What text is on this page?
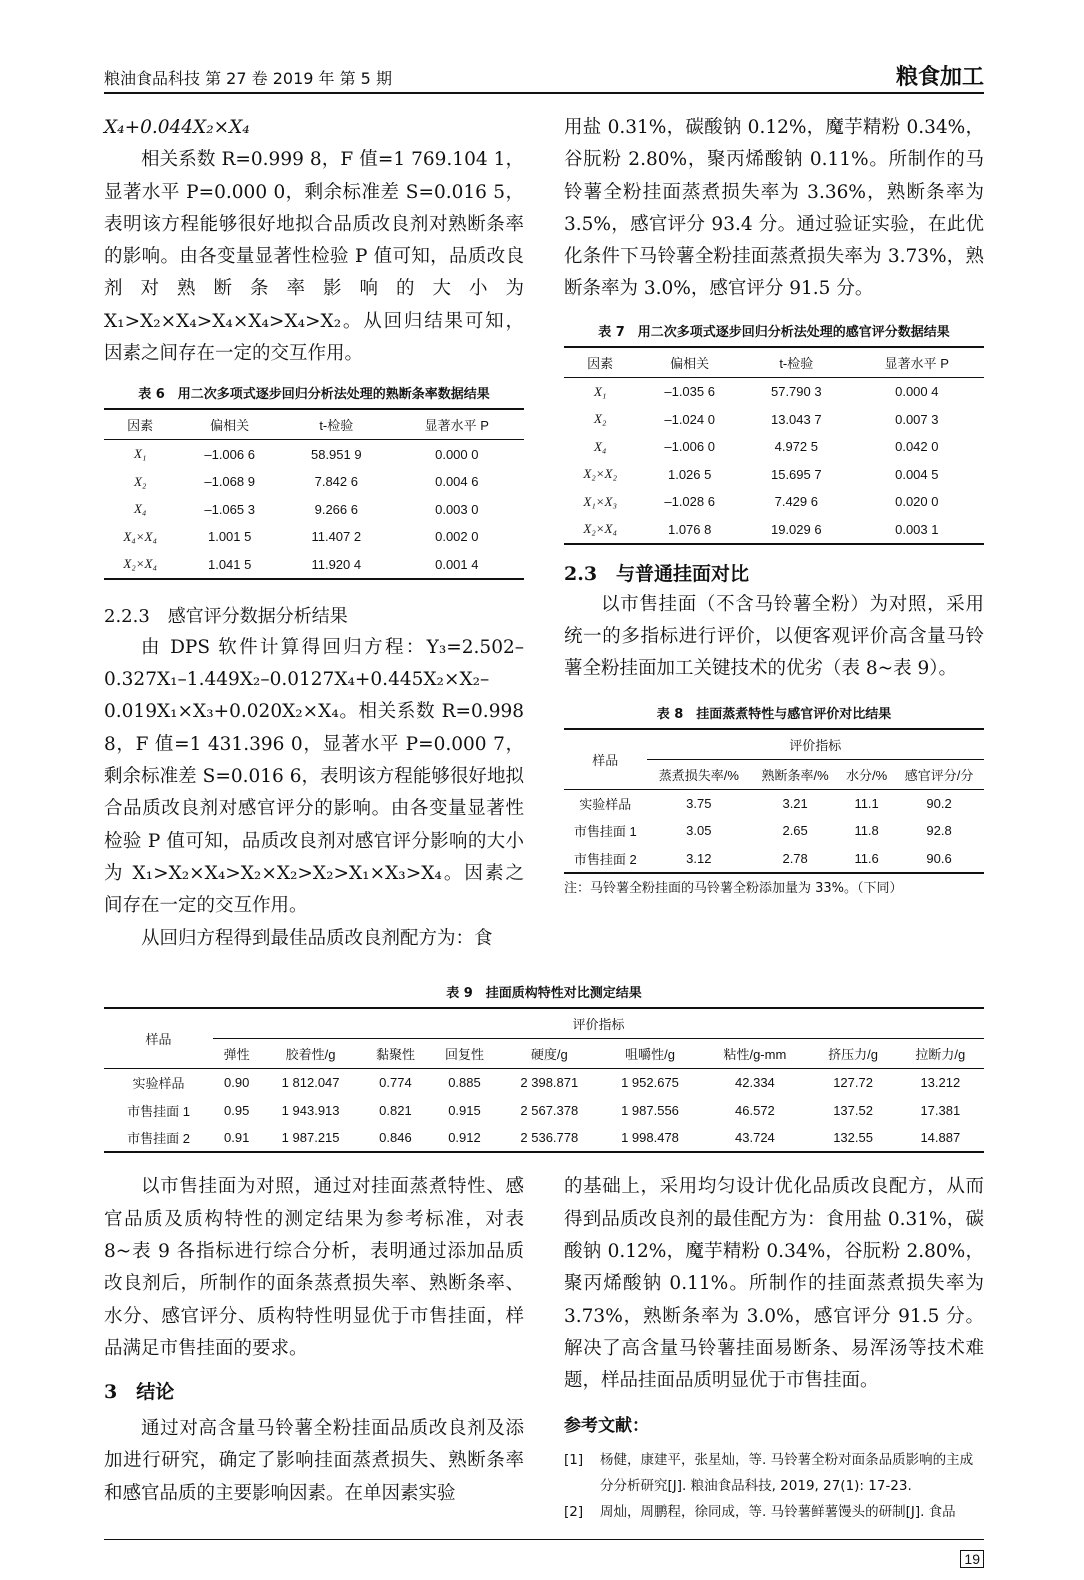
粮油食品科技 第 27 卷 2019 年 第 5 期	粮食加工
X₄+0.044X₂×X₄
相关系数 R=0.999 8，F 值=1 769.104 1，显著水平 P=0.000 0，剩余标准差 S=0.016 5，表明该方程能够很好地拟合品质改良剂对熟断条率的影响。由各变量显著性检验 P 值可知，品质改良剂对熟断条率影响的大小为 X₁>X₂×X₄>X₄×X₄>X₄>X₂。从回归结果可知，因素之间存在一定的交互作用。
表 6　用二次多项式逐步回归分析法处理的熟断条率数据结果
因素	偏相关	t-检验	显著水平 P
X₁	–1.006 6	58.951 9	0.000 0
X₂	–1.068 9	7.842 6	0.004 6
X₄	–1.065 3	9.266 6	0.003 0
X₄×X₄	1.001 5	11.407 2	0.002 0
X₂×X₄	1.041 5	11.920 4	0.001 4
2.2.3　感官评分数据分析结果
由 DPS 软件计算得回归方程：Y₃=2.502–0.327X₁–1.449X₂–0.0127X₄+0.445X₂×X₂–0.019X₁×X₃+0.020X₂×X₄。相关系数 R=0.998 8，F 值=1 431.396 0，显著水平 P=0.000 7，剩余标准差 S=0.016 6，表明该方程能够很好地拟合品质改良剂对感官评分的影响。由各变量显著性检验 P 值可知，品质改良剂对感官评分影响的大小为 X₁>X₂×X₄>X₂×X₂>X₂>X₁×X₃>X₄。因素之间存在一定的交互作用。
从回归方程得到最佳品质改良剂配方为：食
用盐 0.31%，碳酸钠 0.12%，魔芋精粉 0.34%，谷朊粉 2.80%，聚丙烯酸钠 0.11%。所制作的马铃薯全粉挂面蒸煮损失率为 3.36%，熟断条率为 3.5%，感官评分 93.4 分。通过验证实验，在此优化条件下马铃薯全粉挂面蒸煮损失率为 3.73%，熟断条率为 3.0%，感官评分 91.5 分。
表 7　用二次多项式逐步回归分析法处理的感官评分数据结果
因素	偏相关	t-检验	显著水平 P
X₁	–1.035 6	57.790 3	0.000 4
X₂	–1.024 0	13.043 7	0.007 3
X₄	–1.006 0	4.972 5	0.042 0
X₂×X₂	1.026 5	15.695 7	0.004 5
X₁×X₃	–1.028 6	7.429 6	0.020 0
X₂×X₄	1.076 8	19.029 6	0.003 1
2.3　与普通挂面对比
以市售挂面（不含马铃薯全粉）为对照，采用统一的多指标进行评价，以便客观评价高含量马铃薯全粉挂面加工关键技术的优劣（表 8~表 9）。
表 8　挂面蒸煮特性与感官评价对比结果
样品	评价指标			
	蒸煮损失率/%	熟断条率/%	水分/%	感官评分/分
实验样品	3.75	3.21	11.1	90.2
市售挂面 1	3.05	2.65	11.8	92.8
市售挂面 2	3.12	2.78	11.6	90.6
注：马铃薯全粉挂面的马铃薯全粉添加量为 33%。（下同）
表 9　挂面质构特性对比测定结果
样品	评价指标								
	弹性	胶着性/g	黏聚性	回复性	硬度/g	咀嚼性/g	粘性/g-mm	挤压力/g	拉断力/g
实验样品	0.90	1 812.047	0.774	0.885	2 398.871	1 952.675	42.334	127.72	13.212
市售挂面 1	0.95	1 943.913	0.821	0.915	2 567.378	1 987.556	46.572	137.52	17.381
市售挂面 2	0.91	1 987.215	0.846	0.912	2 536.778	1 998.478	43.724	132.55	14.887
以市售挂面为对照，通过对挂面蒸煮特性、感官品质及质构特性的测定结果为参考标准，对表 8~表 9 各指标进行综合分析，表明通过添加品质改良剂后，所制作的面条蒸煮损失率、熟断条率、水分、感官评分、质构特性明显优于市售挂面，样品满足市售挂面的要求。
3　结论
通过对高含量马铃薯全粉挂面品质改良剂及添加进行研究，确定了影响挂面蒸煮损失、熟断条率和感官品质的主要影响因素。在单因素实验
的基础上，采用均匀设计优化品质改良配方，从而得到品质改良剂的最佳配方为：食用盐 0.31%，碳酸钠 0.12%，魔芋精粉 0.34%，谷朊粉 2.80%，聚丙烯酸钠 0.11%。所制作的挂面蒸煮损失率为 3.73%，熟断条率为 3.0%，感官评分 91.5 分。解决了高含量马铃薯挂面易断条、易浑汤等技术难题，样品挂面品质明显优于市售挂面。
参考文献：
[1]	杨健，康建平，张星灿，等. 马铃薯全粉对面条品质影响的主成分分析研究[J]. 粮油食品科技, 2019, 27(1): 17-23.
[2]	周灿，周鹏程，徐同成，等. 马铃薯鲜薯馒头的研制[J]. 食品
19
